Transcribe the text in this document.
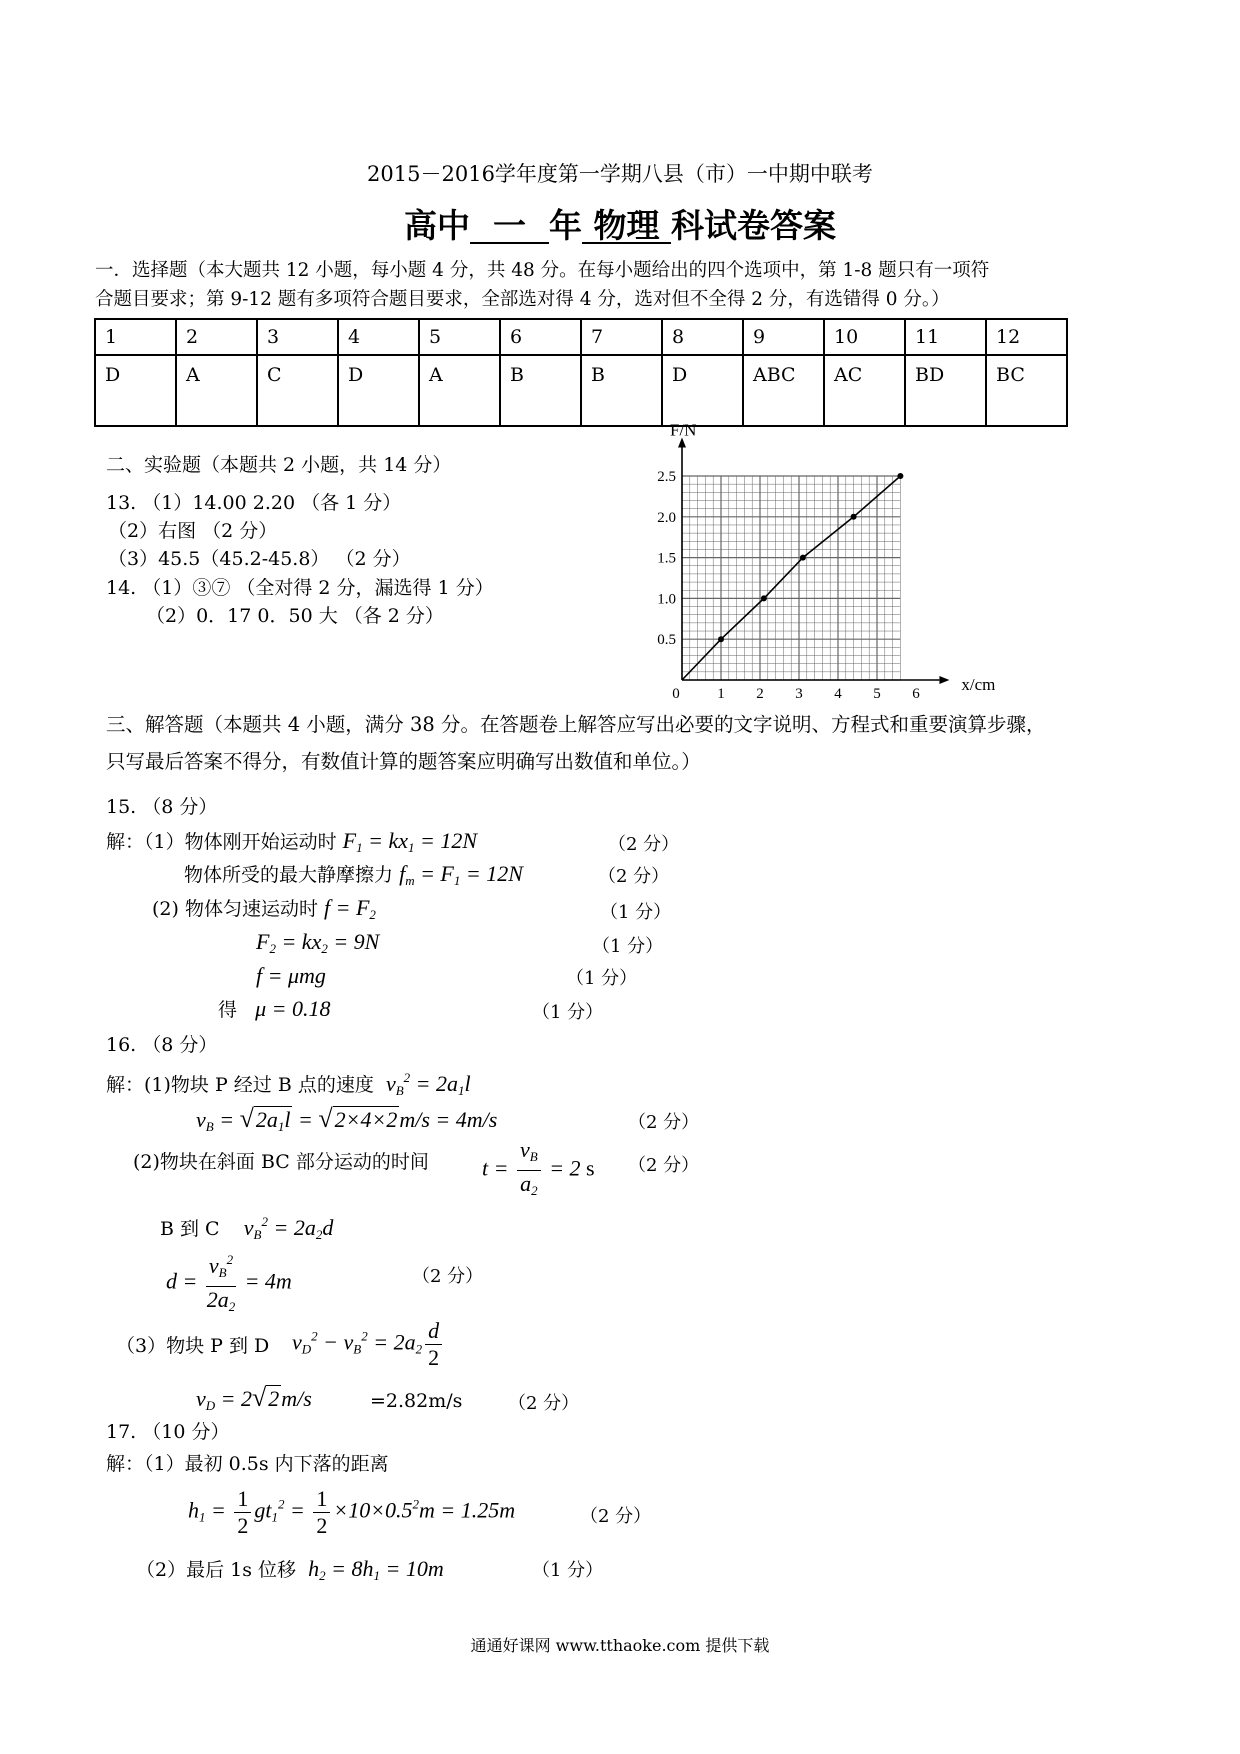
2015－2016学年度第一学期八县（市）一中期中联考
高中 一 年 物理 科试卷答案
一．选择题（本大题共 12 小题，每小题 4 分，共 48 分。在每小题给出的四个选项中，第 1-8 题只有一项符
合题目要求；第 9-12 题有多项符合题目要求，全部选对得 4 分，选对但不全得 2 分，有选错得 0 分。）
1	2	3	4	5	6	7	8	9	10	11	12
D	A	C	D	A	B	B	D	ABC	AC	BD	BC
二、实验题（本题共 2 小题，共 14 分）
13. （1）14.00 2.20 （各 1 分）
（2）右图 （2 分）
（3）45.5（45.2-45.8） （2 分）
14. （1）③⑦ （全对得 2 分，漏选得 1 分）
（2）0．17 0．50 大 （各 2 分）
0	1 2 3 4 5 6
0.5
1.0
1.5
2.0
2.5
x/cm
F/N
三、解答题（本题共 4 小题，满分 38 分。在答题卷上解答应写出必要的文字说明、方程式和重要演算步骤，
只写最后答案不得分，有数值计算的题答案应明确写出数值和单位。）
15. （8 分）
解：（1）物体刚开始运动时 $F_1 = kx_1 = 12N$	（2 分）
物体所受的最大静摩擦力 $f_m = F_1 = 12N$	（2 分）
(2) 物体匀速运动时 $f = F_2$	（1 分）
$F_2 = kx_2 = 9N$	（1 分）
f = μmg	（1 分）
得 μ = 0.18	（1 分）
16. （8 分）
解：(1)物块 P 经过 B 点的速度 $v_B^2 = 2a_1l$
$v_B = √2a_1l = √2\times 4\times 2m/s = 4m/s$	（2 分）
(2)物块在斜面 BC 部分运动的时间 $t = \frac{v_B}{a_2} = 2$ s （2 分）
B 到 C $v_B^2 = 2a_2d$
$d = \frac{v_B^2}{2a_2} = 4m$	（2 分）
（3）物块 P 到 D $v_D^2 - v_B^2 = 2a_2 \frac{d}{2}$
$v_D = 2√2m/s$	=2.82m/s	（2 分）
17. （10 分）
解：（1）最初 0.5s 内下落的距离
$h_1 = \frac{1}{2} gt_1^2 = \frac{1}{2} \times 10\times 0.5^2m = 1.25m$	（2 分）
（2）最后 1s 位移 $h_2 = 8h_1 = 10m$	（1 分）
通通好课网 www.tthaoke.com 提供下载
